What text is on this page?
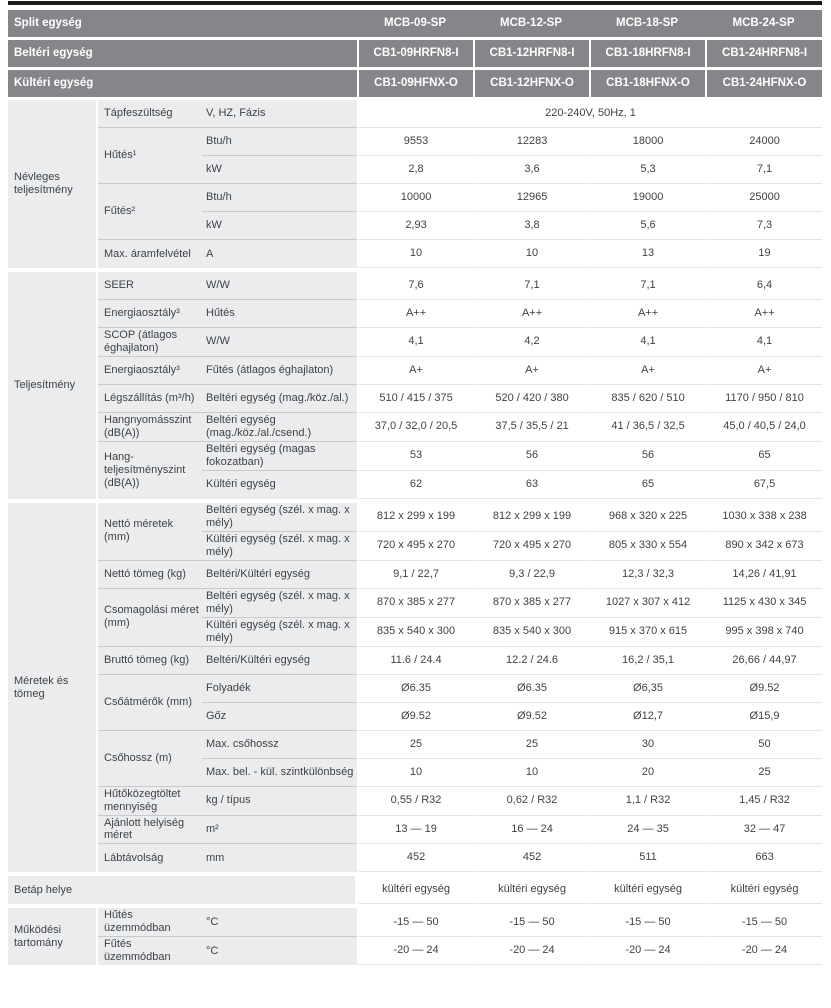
Split egység			MCB-09-SP	MCB-12-SP	MCB-18-SP	MCB-24-SP
Beltéri egység			CB1-09HRFN8-I	CB1-12HRFN8-I	CB1-18HRFN8-I	CB1-24HRFN8-I
Kültéri egység			CB1-09HFNX-O	CB1-12HFNX-O	CB1-18HFNX-O	CB1-24HFNX-O
Névleges teljesítmény	Tápfeszültség	V, HZ, Fázis	220-240V, 50Hz, 1			
	Hűtés¹	Btu/h	9553	12283	18000	24000
		kW	2,8	3,6	5,3	7,1
	Fűtés²	Btu/h	10000	12965	19000	25000
		kW	2,93	3,8	5,6	7,3
	Max. áramfelvétel	A	10	10	13	19

Teljesítmény	SEER	W/W	7,6	7,1	7,1	6,4
	Energiaosztály³	Hűtés	A++	A++	A++	A++
	SCOP (átlagos éghajlaton)	W/W	4,1	4,2	4,1	4,1
	Energiaosztály³	Fűtés (átlagos éghajlaton)	A+	A+	A+	A+
	Légszállítás (m³/h)	Beltéri egység (mag./köz./al.)	510 / 415 / 375	520 / 420 / 380	835 / 620 / 510	1170 / 950 / 810
	Hangnyomásszint (dB(A))	Beltéri egység (mag./köz./al./csend.)	37,0 / 32,0 / 20,5	37,5 / 35,5 / 21	41 / 36,5 / 32,5	45,0 / 40,5 / 24,0
	Hang-teljesítményszint (dB(A))	Beltéri egység (magas fokozatban)	53	56	56	65
		Kültéri egység	62	63	65	67,5

Méretek és tömeg	Nettó méretek (mm)	Beltéri egység (szél. x mag. x mély)	812 x 299 x 199	812 x 299 x 199	968 x 320 x 225	1030 x 338 x 238
		Kültéri egység (szél. x mag. x mély)	720 x 495 x 270	720 x 495 x 270	805 x 330 x 554	890 x 342 x 673
	Nettó tömeg (kg)	Beltéri/Kültéri egység	9,1 / 22,7	9,3 / 22,9	12,3 / 32,3	14,26 / 41,91
	Csomagolási méret (mm)	Beltéri egység (szél. x mag. x mély)	870 x 385 x 277	870 x 385 x 277	1027 x 307 x 412	1125 x 430 x 345
		Kültéri egység (szél. x mag. x mély)	835 x 540 x 300	835 x 540 x 300	915 x 370 x 615	995 x 398 x 740
	Bruttó tömeg (kg)	Beltéri/Kültéri egység	11.6 / 24.4	12.2 / 24.6	16,2 / 35,1	26,66 / 44,97
	Csőátmérők (mm)	Folyadék	Ø6.35	Ø6.35	Ø6,35	Ø9.52
		Gőz	Ø9.52	Ø9.52	Ø12,7	Ø15,9
	Csőhossz (m)	Max. csőhossz	25	25	30	50
		Max. bel. - kül. szintkülönbség	10	10	20	25
	Hűtőközegtöltet mennyiség	kg / típus	0,55 / R32	0,62 / R32	1,1 / R32	1,45 / R32
	Ajánlott helyiség méret	m²	13 — 19	16 — 24	24 — 35	32 — 47
	Lábtávolság	mm	452	452	511	663

Betáp helye			kültéri egység	kültéri egység	kültéri egység	kültéri egység

Működési tartomány	Hűtés üzemmódban	°C	-15 — 50	-15 — 50	-15 — 50	-15 — 50
	Fűtés üzemmódban	°C	-20 — 24	-20 — 24	-20 — 24	-20 — 24
